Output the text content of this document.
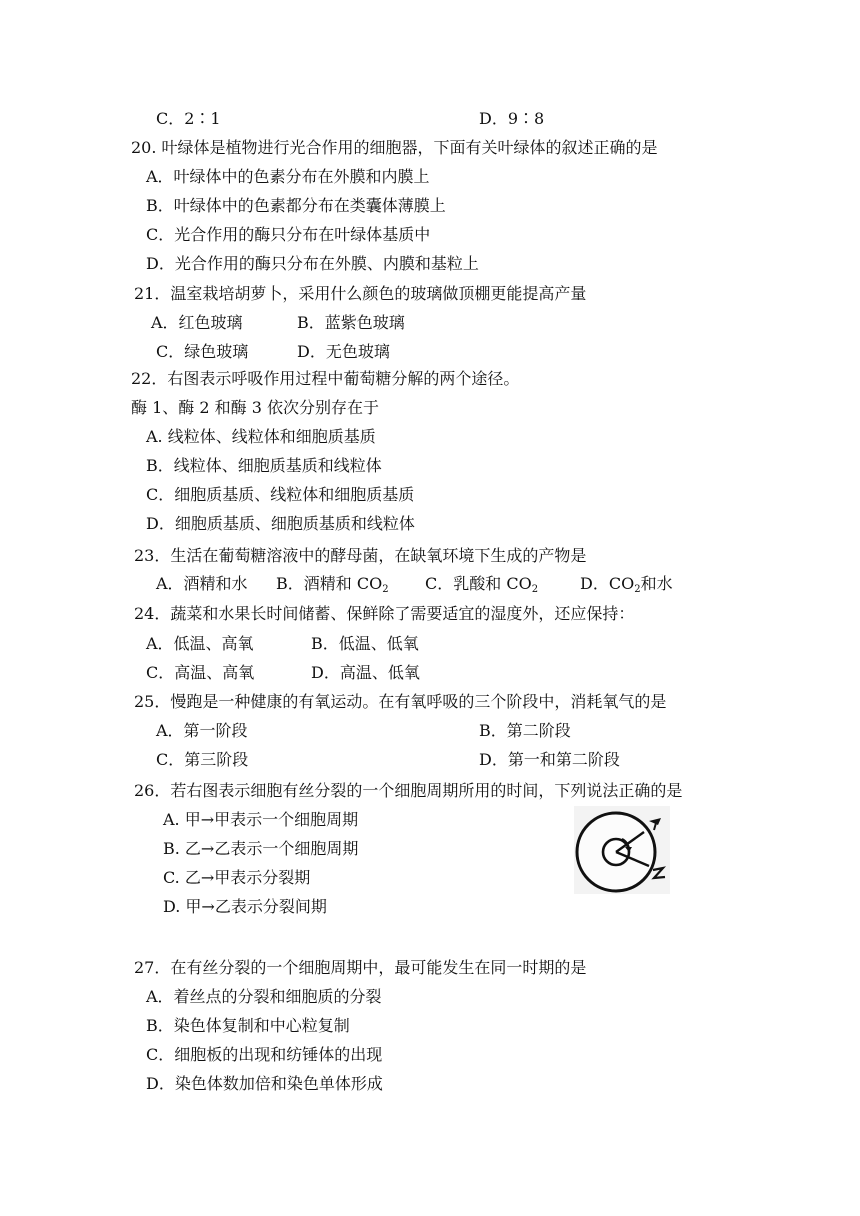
C．2∶1	D．9∶8
20. 叶绿体是植物进行光合作用的细胞器，下面有关叶绿体的叙述正确的是
A．叶绿体中的色素分布在外膜和内膜上
B．叶绿体中的色素都分布在类囊体薄膜上
C．光合作用的酶只分布在叶绿体基质中
D．光合作用的酶只分布在外膜、内膜和基粒上
21．温室栽培胡萝卜，采用什么颜色的玻璃做顶棚更能提高产量
A．红色玻璃	B．蓝紫色玻璃
C．绿色玻璃	D．无色玻璃
22．右图表示呼吸作用过程中葡萄糖分解的两个途径。
酶 1、酶 2 和酶 3 依次分别存在于
A. 线粒体、线粒体和细胞质基质
B．线粒体、细胞质基质和线粒体
C．细胞质基质、线粒体和细胞质基质
D．细胞质基质、细胞质基质和线粒体
23．生活在葡萄糖溶液中的酵母菌，在缺氧环境下生成的产物是
A．酒精和水 B．酒精和 $CO_2$ C．乳酸和 $CO_2$	D．$CO_2$和水
24．蔬菜和水果长时间储蓄、保鲜除了需要适宜的湿度外，还应保持：
A．低温、高氧	B．低温、低氧
C．高温、高氧	D．高温、低氧
25．慢跑是一种健康的有氧运动。在有氧呼吸的三个阶段中，消耗氧气的是
A．第一阶段	B．第二阶段
C．第三阶段	D．第一和第二阶段
26．若右图表示细胞有丝分裂的一个细胞周期所用的时间，下列说法正确的是
A. 甲→甲表示一个细胞周期
B. 乙→乙表示一个细胞周期
C. 乙→甲表示分裂期
D. 甲→乙表示分裂间期
27．在有丝分裂的一个细胞周期中，最可能发生在同一时期的是
A．着丝点的分裂和细胞质的分裂
B．染色体复制和中心粒复制
C．细胞板的出现和纺锤体的出现
D．染色体数加倍和染色单体形成
